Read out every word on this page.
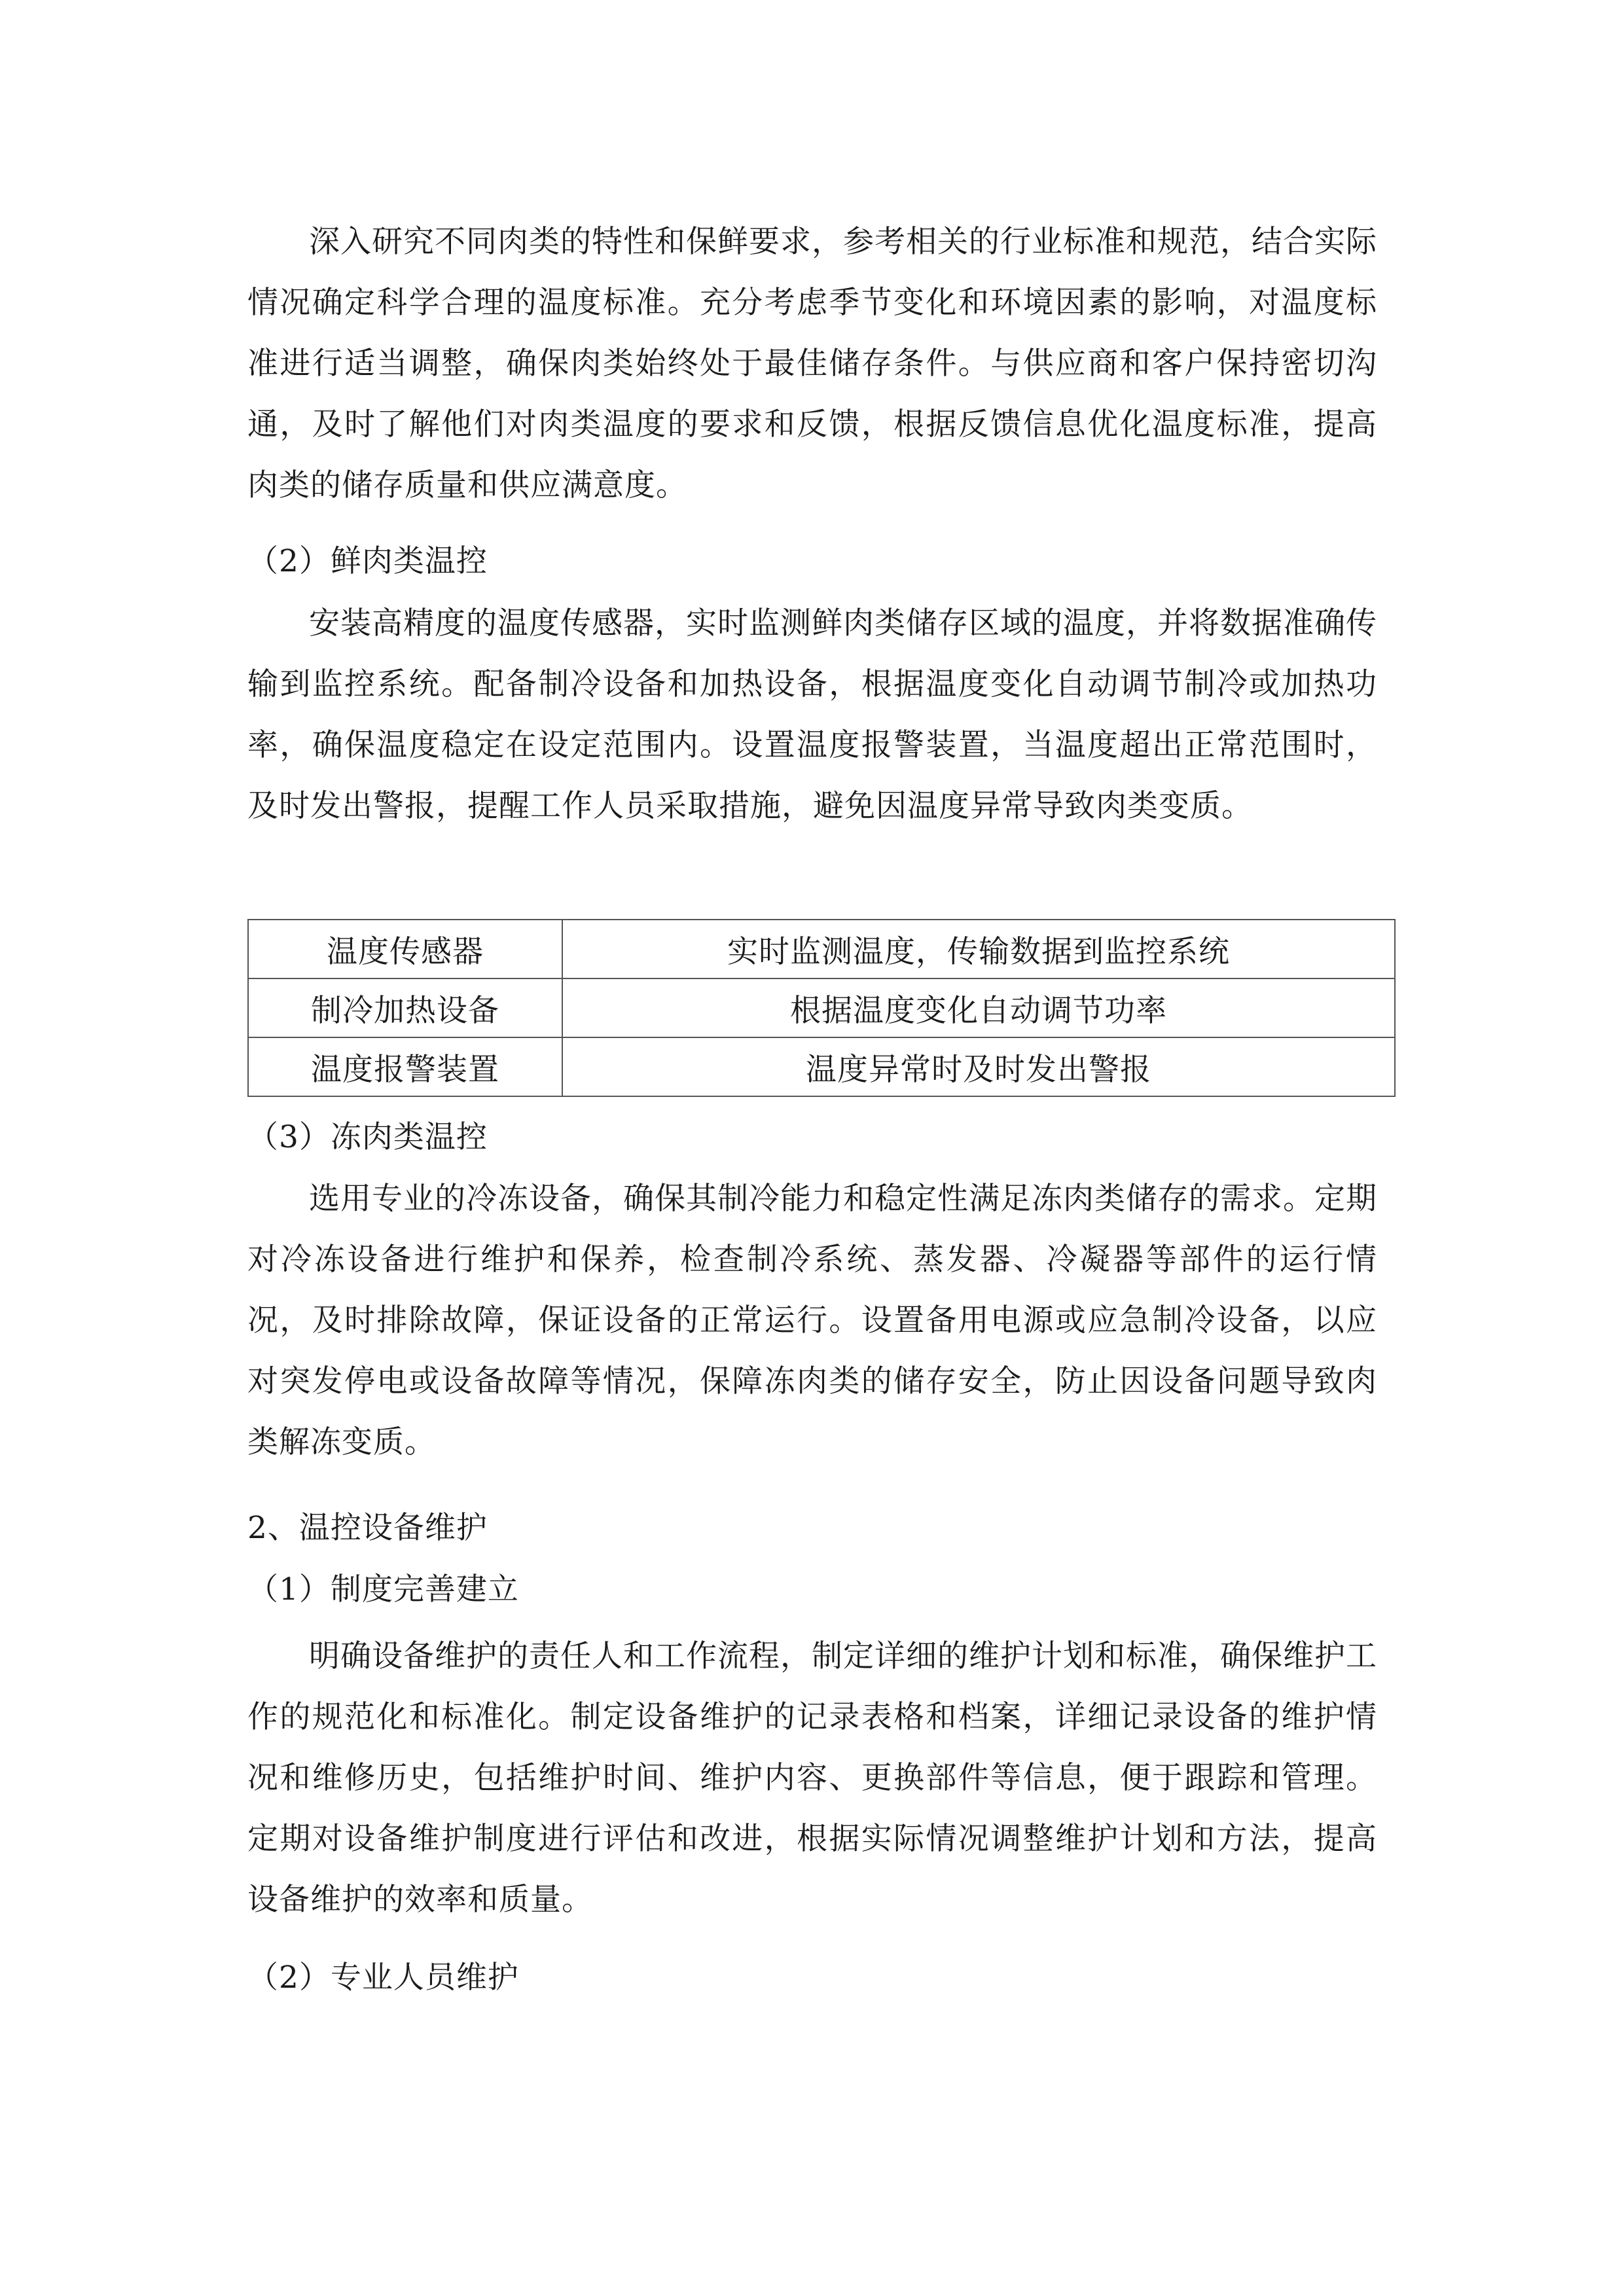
深入研究不同肉类的特性和保鲜要求，参考相关的行业标准和规范，结合实际情况确定科学合理的温度标准。充分考虑季节变化和环境因素的影响，对温度标准进行适当调整，确保肉类始终处于最佳储存条件。与供应商和客户保持密切沟通，及时了解他们对肉类温度的要求和反馈，根据反馈信息优化温度标准，提高肉类的储存质量和供应满意度。

（2）鲜肉类温控

安装高精度的温度传感器，实时监测鲜肉类储存区域的温度，并将数据准确传输到监控系统。配备制冷设备和加热设备，根据温度变化自动调节制冷或加热功率，确保温度稳定在设定范围内。设置温度报警装置，当温度超出正常范围时，及时发出警报，提醒工作人员采取措施，避免因温度异常导致肉类变质。

温度传感器	实时监测温度，传输数据到监控系统
制冷加热设备	根据温度变化自动调节功率
温度报警装置	温度异常时及时发出警报

（3）冻肉类温控

选用专业的冷冻设备，确保其制冷能力和稳定性满足冻肉类储存的需求。定期对冷冻设备进行维护和保养，检查制冷系统、蒸发器、冷凝器等部件的运行情况，及时排除故障，保证设备的正常运行。设置备用电源或应急制冷设备，以应对突发停电或设备故障等情况，保障冻肉类的储存安全，防止因设备问题导致肉类解冻变质。

2、温控设备维护

（1）制度完善建立

明确设备维护的责任人和工作流程，制定详细的维护计划和标准，确保维护工作的规范化和标准化。制定设备维护的记录表格和档案，详细记录设备的维护情况和维修历史，包括维护时间、维护内容、更换部件等信息，便于跟踪和管理。定期对设备维护制度进行评估和改进，根据实际情况调整维护计划和方法，提高设备维护的效率和质量。

（2）专业人员维护
